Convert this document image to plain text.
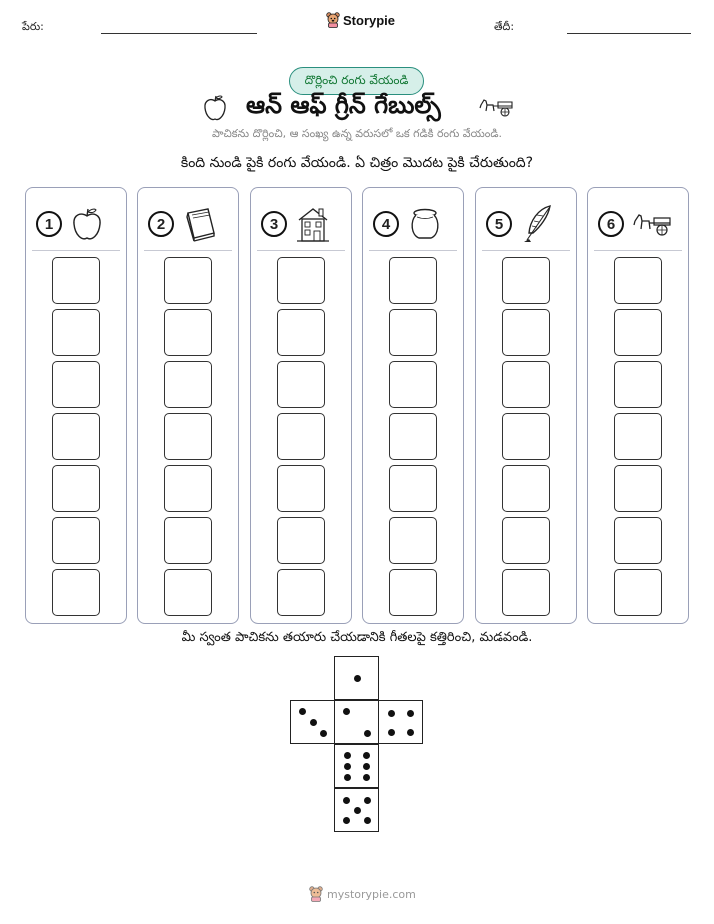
పేరు:	Storypie	తేదీ:
దొర్లించి రంగు వేయండి
ఆన్ ఆఫ్ గ్రీన్ గేబుల్స్
పాచికను దొర్లించి, ఆ సంఖ్య ఉన్న వరుసలో ఒక గడికి రంగు వేయండి.
కింది నుండి పైకి రంగు వేయండి. ఏ చిత్రం మొదట పైకి చేరుతుంది?
1	2	3	4	5	6
మీ స్వంత పాచికను తయారు చేయడానికి గీతలపై కత్తిరించి, మడవండి.
mystorypie.com
